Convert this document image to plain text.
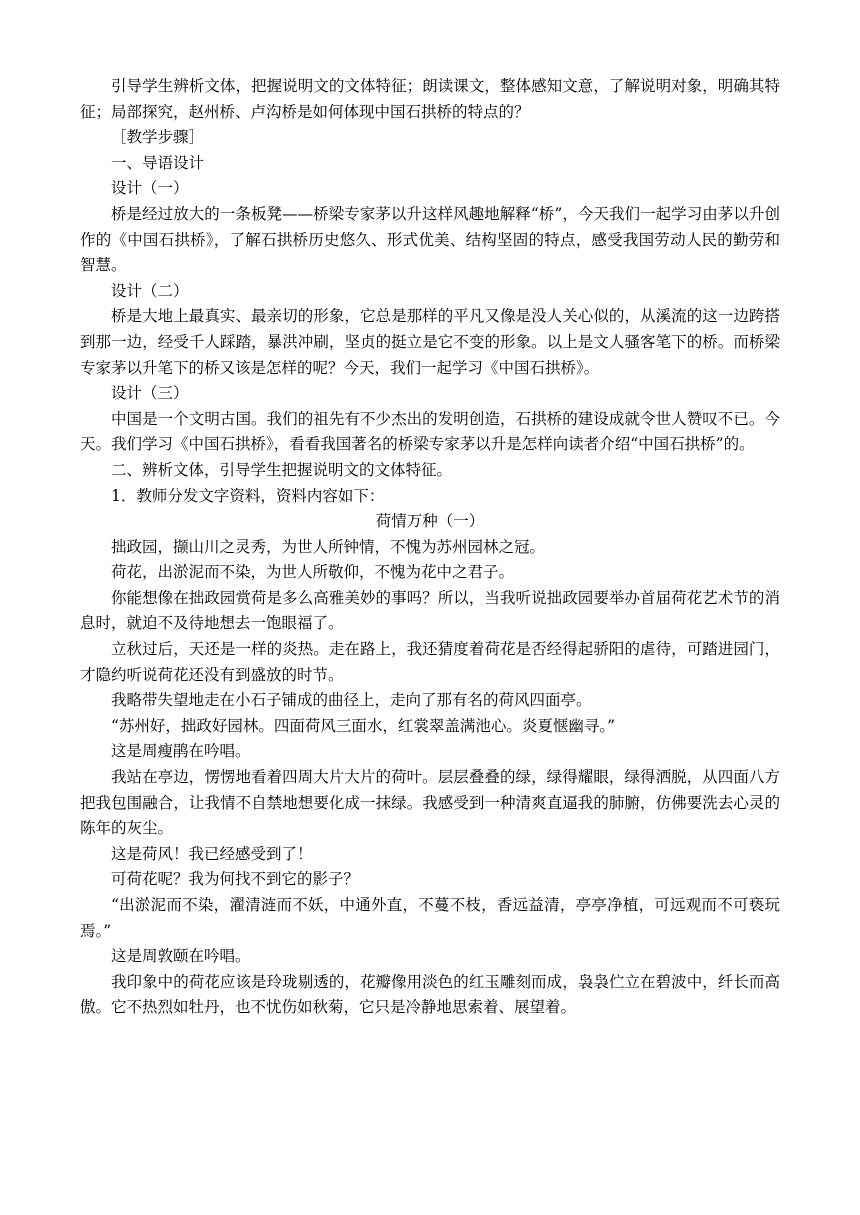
引导学生辨析文体，把握说明文的文体特征；朗读课文，整体感知文意，了解说明对象，明确其特征；局部探究，赵州桥、卢沟桥是如何体现中国石拱桥的特点的？

［教学步骤］

一、导语设计

设计（一）

桥是经过放大的一条板凳——桥梁专家茅以升这样风趣地解释“桥”，今天我们一起学习由茅以升创作的《中国石拱桥》，了解石拱桥历史悠久、形式优美、结构坚固的特点，感受我国劳动人民的勤劳和智慧。

设计（二）

桥是大地上最真实、最亲切的形象，它总是那样的平凡又像是没人关心似的，从溪流的这一边跨搭到那一边，经受千人踩踏，暴洪冲刷，坚贞的挺立是它不变的形象。以上是文人骚客笔下的桥。而桥梁专家茅以升笔下的桥又该是怎样的呢？今天，我们一起学习《中国石拱桥》。

设计（三）

中国是一个文明古国。我们的祖先有不少杰出的发明创造，石拱桥的建设成就令世人赞叹不已。今天。我们学习《中国石拱桥》，看看我国著名的桥梁专家茅以升是怎样向读者介绍“中国石拱桥”的。

二、辨析文体，引导学生把握说明文的文体特征。

1．教师分发文字资料，资料内容如下：

荷情万种（一）

拙政园，撷山川之灵秀，为世人所钟情，不愧为苏州园林之冠。

荷花，出淤泥而不染，为世人所敬仰，不愧为花中之君子。

你能想像在拙政园赏荷是多么高雅美妙的事吗？所以，当我听说拙政园要举办首届荷花艺术节的消息时，就迫不及待地想去一饱眼福了。

立秋过后，天还是一样的炎热。走在路上，我还猜度着荷花是否经得起骄阳的虐待，可踏进园门，才隐约听说荷花还没有到盛放的时节。

我略带失望地走在小石子铺成的曲径上，走向了那有名的荷风四面亭。

“苏州好，拙政好园林。四面荷风三面水，红裳翠盖满池心。炎夏惬幽寻。”

这是周瘦鹃在吟唱。

我站在亭边，愣愣地看着四周大片大片的荷叶。层层叠叠的绿，绿得耀眼，绿得洒脱，从四面八方把我包围融合，让我情不自禁地想要化成一抹绿。我感受到一种清爽直逼我的肺腑，仿佛要洗去心灵的陈年的灰尘。

这是荷风！我已经感受到了！

可荷花呢？我为何找不到它的影子？

“出淤泥而不染，濯清涟而不妖，中通外直，不蔓不枝，香远益清，亭亭净植，可远观而不可亵玩焉。”

这是周敦颐在吟唱。

我印象中的荷花应该是玲珑剔透的，花瓣像用淡色的红玉雕刻而成，袅袅伫立在碧波中，纤长而高傲。它不热烈如牡丹，也不忧伤如秋菊，它只是冷静地思索着、展望着。
